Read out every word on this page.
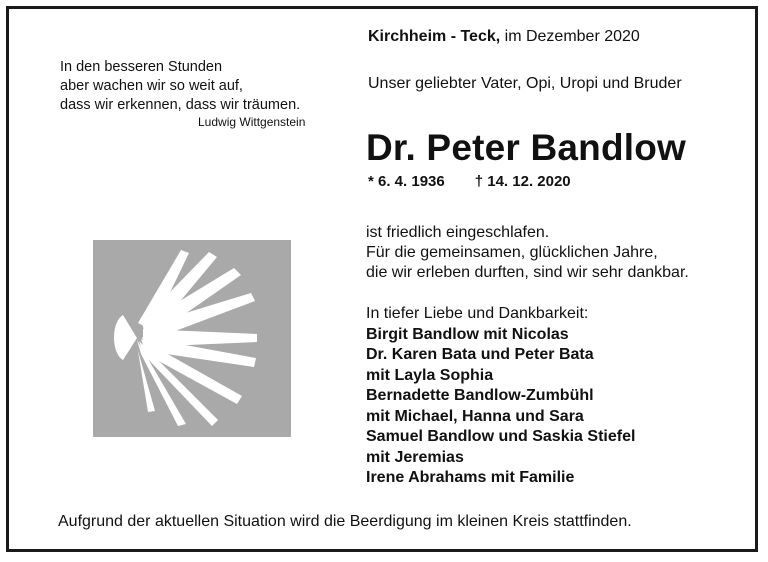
In den besseren Stunden
aber wachen wir so weit auf,
dass wir erkennen, dass wir träumen.
Ludwig Wittgenstein
Kirchheim - Teck, im Dezember 2020
Unser geliebter Vater, Opi, Uropi und Bruder
Dr. Peter Bandlow
* 6. 4. 1936 † 14. 12. 2020
ist friedlich eingeschlafen.
Für die gemeinsamen, glücklichen Jahre,
die wir erleben durften, sind wir sehr dankbar.
In tiefer Liebe und Dankbarkeit:
Birgit Bandlow mit Nicolas
Dr. Karen Bata und Peter Bata
mit Layla Sophia
Bernadette Bandlow-Zumbühl
mit Michael, Hanna und Sara
Samuel Bandlow und Saskia Stiefel
mit Jeremias
Irene Abrahams mit Familie
Aufgrund der aktuellen Situation wird die Beerdigung im kleinen Kreis stattfinden.
